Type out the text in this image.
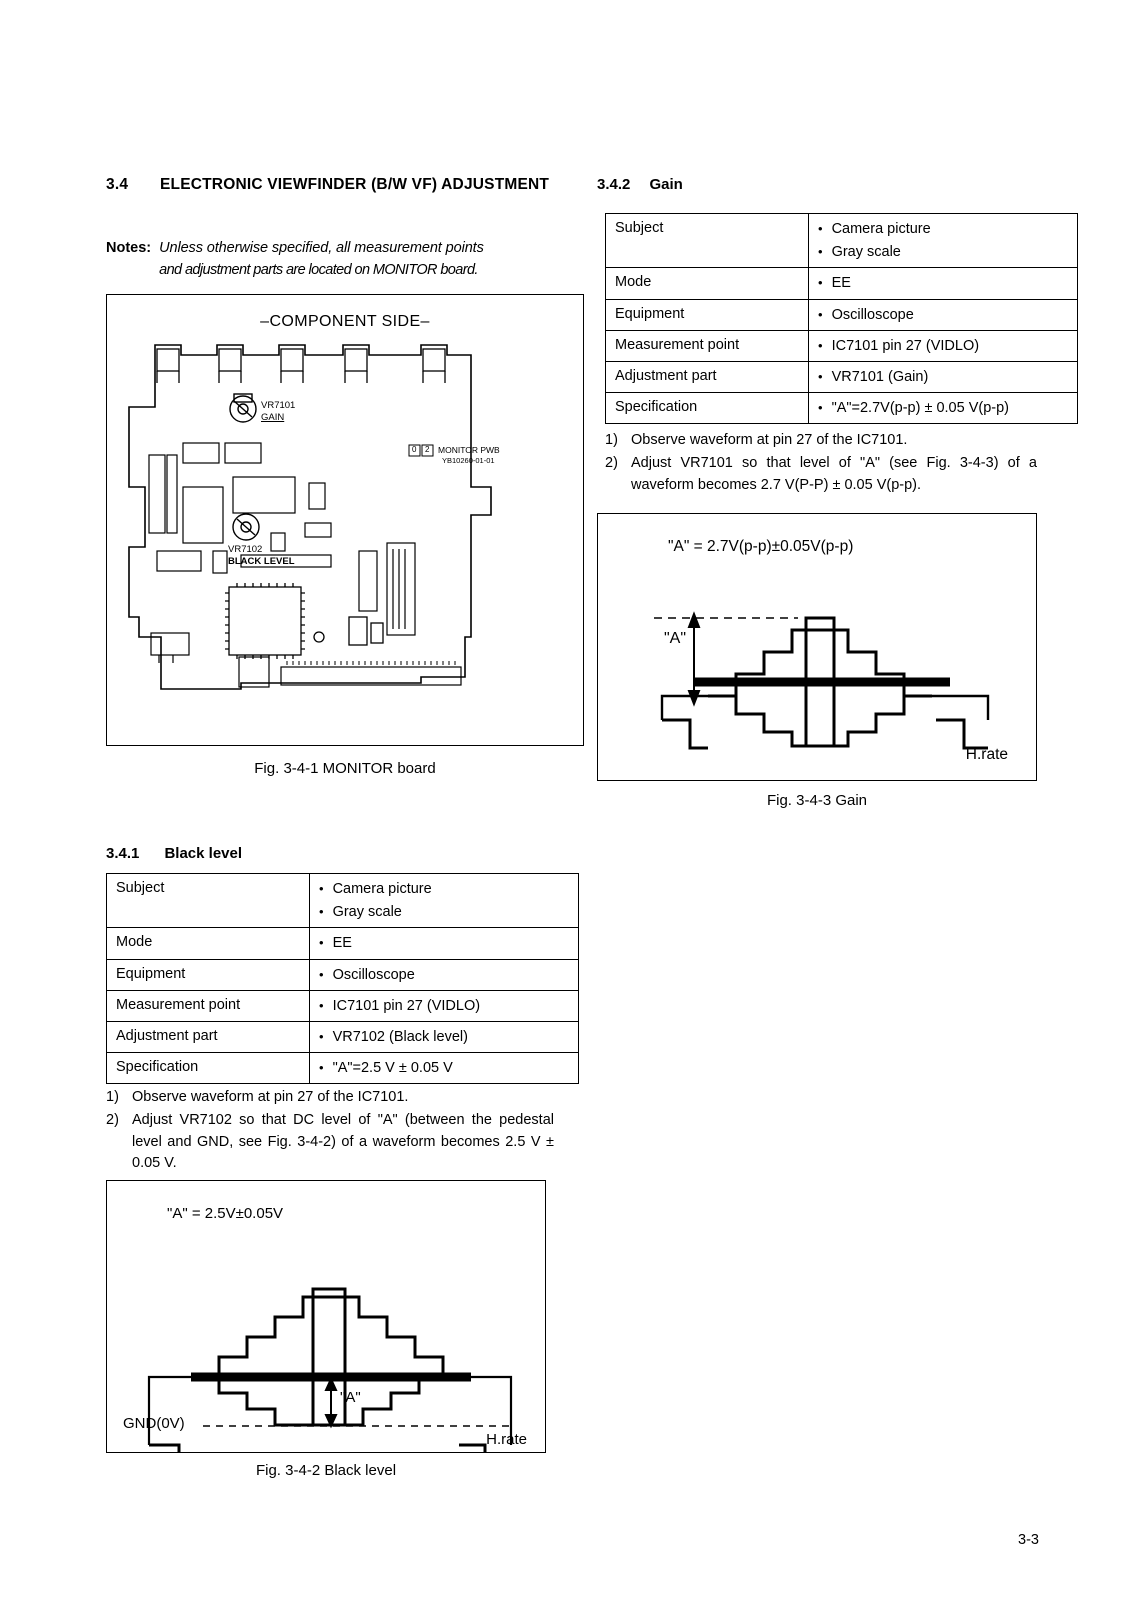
3.4	ELECTRONIC VIEWFINDER (B/W VF) ADJUSTMENT
Notes: Unless otherwise specified, all measurement points
and adjustment parts are located on MONITOR board.
–COMPONENT SIDE–
VR7101
GAIN
VR7102
BLACK LEVEL
MONITOR PWB
YB10260-01-01
0 2
Fig. 3-4-1 MONITOR board
3.4.1 Black level
Subject	• Camera picture
• Gray scale

Mode	• EE

Equipment	• Oscilloscope

Measurement point	• IC7101 pin 27 (VIDLO)

Adjustment part	• VR7102 (Black level)

Specification	• "A"=2.5 V ± 0.05 V
1) Observe waveform at pin 27 of the IC7101.
2) Adjust VR7102 so that DC level of "A" (between the pedestal level and GND, see Fig. 3-4-2) of a waveform becomes 2.5 V ± 0.05 V.
"A" = 2.5V±0.05V
"A"
GND(0V)
H.rate
Fig. 3-4-2 Black level
3.4.2 Gain
Subject	• Camera picture
• Gray scale

Mode	• EE

Equipment	• Oscilloscope

Measurement point	• IC7101 pin 27 (VIDLO)

Adjustment part	• VR7101 (Gain)

Specification	• "A"=2.7V(p-p) ± 0.05 V(p-p)
1) Observe waveform at pin 27 of the IC7101.
2) Adjust VR7101 so that level of "A" (see Fig. 3-4-3) of a waveform becomes 2.7 V(P-P) ± 0.05 V(p-p).
"A" = 2.7V(p-p)±0.05V(p-p)
"A"
H.rate
Fig. 3-4-3 Gain
3-3
